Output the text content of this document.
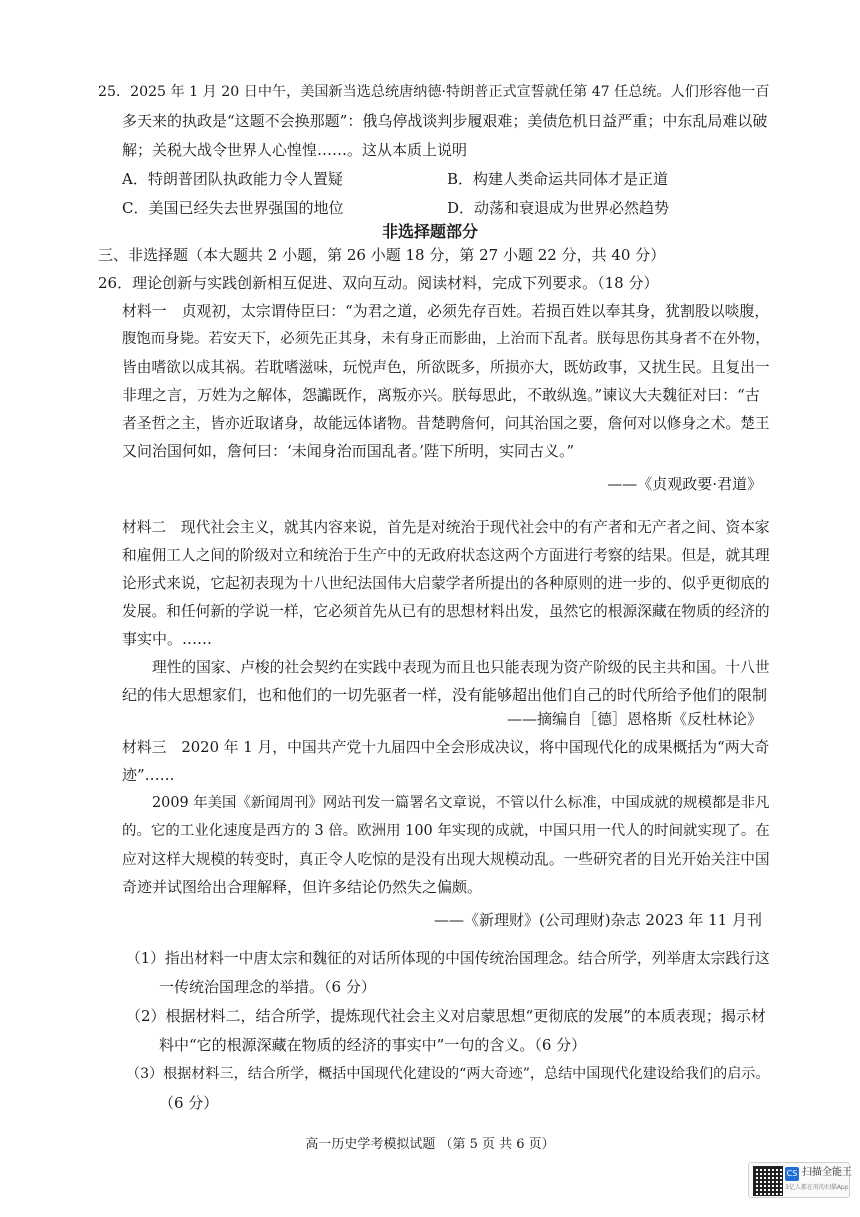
25．2025 年 1 月 20 日中午，美国新当选总统唐纳德·特朗普正式宣誓就任第 47 任总统。人们形容他一百

多天来的执政是“这题不会换那题”：俄乌停战谈判步履艰难；美债危机日益严重；中东乱局难以破

解；关税大战令世界人心惶惶……。这从本质上说明

A．特朗普团队执政能力令人置疑	B．构建人类命运共同体才是正道

C．美国已经失去世界强国的地位	D．动荡和衰退成为世界必然趋势

非选择题部分

三、非选择题（本大题共 2 小题，第 26 小题 18 分，第 27 小题 22 分，共 40 分）

26．理论创新与实践创新相互促进、双向互动。阅读材料，完成下列要求。（18 分）

材料一　贞观初，太宗谓侍臣曰：“为君之道，必须先存百姓。若损百姓以奉其身，犹割股以啖腹，

腹饱而身毙。若安天下，必须先正其身，未有身正而影曲，上治而下乱者。朕每思伤其身者不在外物，

皆由嗜欲以成其祸。若耽嗜滋味，玩悦声色，所欲既多，所损亦大，既妨政事，又扰生民。且复出一

非理之言，万姓为之解体，怨讟既作，离叛亦兴。朕每思此，不敢纵逸。”谏议大夫魏征对曰：“古

者圣哲之主，皆亦近取诸身，故能远体诸物。昔楚聘詹何，问其治国之要，詹何对以修身之术。楚王

又问治国何如，詹何曰：‘未闻身治而国乱者。’陛下所明，实同古义。”

——《贞观政要·君道》

材料二　现代社会主义，就其内容来说，首先是对统治于现代社会中的有产者和无产者之间、资本家

和雇佣工人之间的阶级对立和统治于生产中的无政府状态这两个方面进行考察的结果。但是，就其理

论形式来说，它起初表现为十八世纪法国伟大启蒙学者所提出的各种原则的进一步的、似乎更彻底的

发展。和任何新的学说一样，它必须首先从已有的思想材料出发，虽然它的根源深藏在物质的经济的

事实中。……

理性的国家、卢梭的社会契约在实践中表现为而且也只能表现为资产阶级的民主共和国。十八世

纪的伟大思想家们，也和他们的一切先驱者一样，没有能够超出他们自己的时代所给予他们的限制

——摘编自［德］恩格斯《反杜林论》

材料三　2020 年 1 月，中国共产党十九届四中全会形成决议，将中国现代化的成果概括为“两大奇

迹”……

2009 年美国《新闻周刊》网站刊发一篇署名文章说，不管以什么标准，中国成就的规模都是非凡

的。它的工业化速度是西方的 3 倍。欧洲用 100 年实现的成就，中国只用一代人的时间就实现了。在

应对这样大规模的转变时，真正令人吃惊的是没有出现大规模动乱。一些研究者的目光开始关注中国

奇迹并试图给出合理解释，但许多结论仍然失之偏颇。

——《新理财》(公司理财)杂志 2023 年 11 月刊

（1）指出材料一中唐太宗和魏征的对话所体现的中国传统治国理念。结合所学，列举唐太宗践行这

一传统治国理念的举措。（6 分）

（2）根据材料二，结合所学，提炼现代社会主义对启蒙思想“更彻底的发展”的本质表现；揭示材

料中“它的根源深藏在物质的经济的事实中”一句的含义。（6 分）

（3）根据材料三，结合所学，概括中国现代化建设的“两大奇迹”，总结中国现代化建设给我们的启示。

（6 分）

高一历史学考模拟试题 （第 5 页 共 6 页）

CS 扫描全能王
3亿人都在用的扫描App
